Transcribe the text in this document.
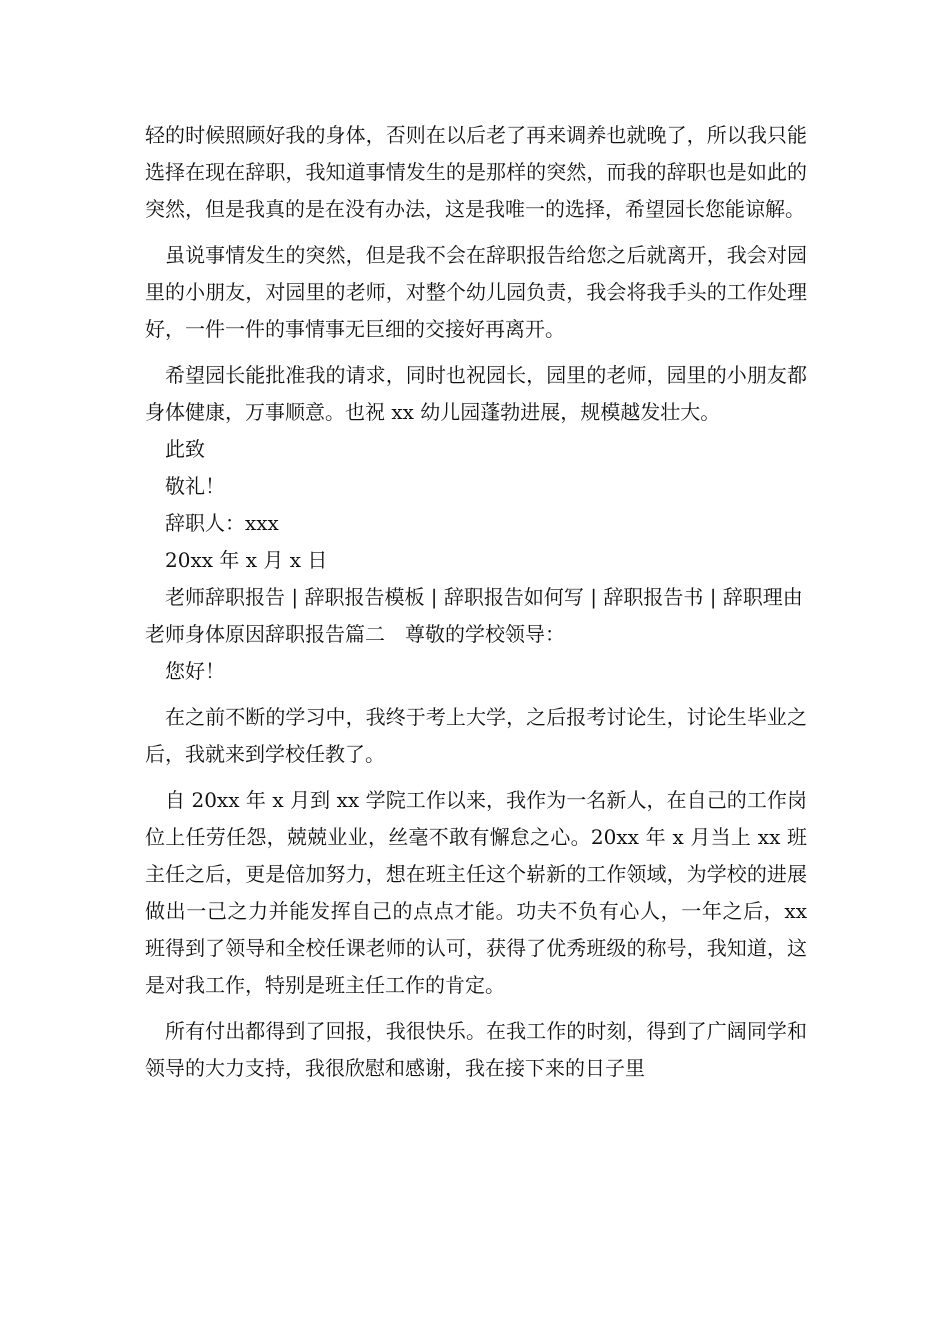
轻的时候照顾好我的身体，否则在以后老了再来调养也就晚了，所以我只能选择在现在辞职，我知道事情发生的是那样的突然，而我的辞职也是如此的突然，但是我真的是在没有办法，这是我唯一的选择，希望园长您能谅解。

虽说事情发生的突然，但是我不会在辞职报告给您之后就离开，我会对园里的小朋友，对园里的老师，对整个幼儿园负责，我会将我手头的工作处理好，一件一件的事情事无巨细的交接好再离开。

希望园长能批准我的请求，同时也祝园长，园里的老师，园里的小朋友都身体健康，万事顺意。也祝 xx 幼儿园蓬勃进展，规模越发壮大。

此致

敬礼！

辞职人：xxx

20xx 年 x 月 x 日

老师辞职报告 | 辞职报告模板 | 辞职报告如何写 | 辞职报告书 | 辞职理由

老师身体原因辞职报告篇二　尊敬的学校领导：

您好！

在之前不断的学习中，我终于考上大学，之后报考讨论生，讨论生毕业之后，我就来到学校任教了。

自 20xx 年 x 月到 xx 学院工作以来，我作为一名新人，在自己的工作岗位上任劳任怨，兢兢业业，丝毫不敢有懈怠之心。20xx 年 x 月当上 xx 班主任之后，更是倍加努力，想在班主任这个崭新的工作领域，为学校的进展做出一己之力并能发挥自己的点点才能。功夫不负有心人，一年之后，xx 班得到了领导和全校任课老师的认可，获得了优秀班级的称号，我知道，这是对我工作，特别是班主任工作的肯定。

所有付出都得到了回报，我很快乐。在我工作的时刻，得到了广阔同学和领导的大力支持，我很欣慰和感谢，我在接下来的日子里
